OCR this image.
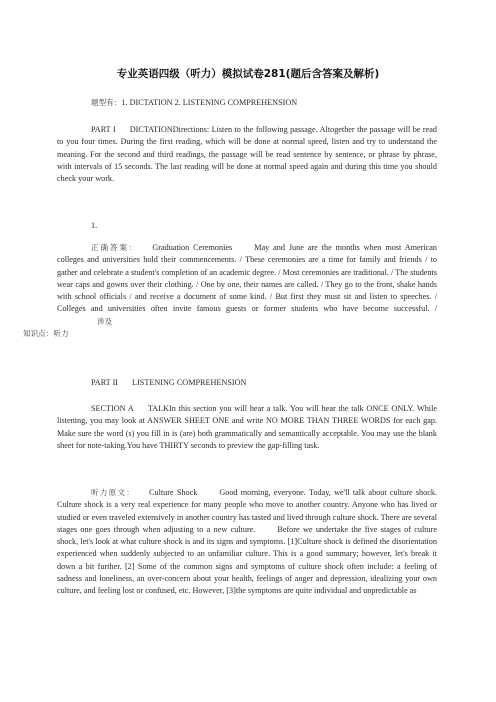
专业英语四级（听力）模拟试卷281(题后含答案及解析)

题型有：1. DICTATION 2. LISTENING COMPREHENSION

PART I DICTATIONDirections: Listen to the following passage. Altogether the passage will be read to you four times. During the first reading, which will be done at normal speed, listen and try to understand the meaning. For the second and third readings, the passage will be read sentence by sentence, or phrase by phrase, with intervals of 15 seconds. The last reading will be done at normal speed again and during this time you should check your work.

1.

正确答案： Graduation Ceremonies	May and June are the months when most American colleges and universities hold their commencements. / These ceremonies are a time for family and friends / to gather and celebrate a student's completion of an academic degree. / Most ceremonies are traditional. / The students wear caps and gowns over their clothing. / One by one, their names are called. / They go to the front, shake hands with school officials / and receive a document of some kind. / But first they must sit and listen to speeches. / Colleges and universities often invite famous guests or former students who have become successful. / 涉及
知识点：听力

PART II LISTENING COMPREHENSION

SECTION A TALKIn this section you will hear a talk. You will hear the talk ONCE ONLY. While listening, you may look at ANSWER SHEET ONE and write NO MORE THAN THREE WORDS for each gap. Make sure the word (s) you fill in is (are) both grammatically and semantically acceptable. You may use the blank sheet for note-taking.You have THIRTY seconds to preview the gap-filling task.

听力原文： Culture Shock	Good morning, everyone. Today, we'll talk about culture shock. Culture shock is a very real experience for many people who move to another country. Anyone who has lived or studied or even traveled extensively in another country has tasted and lived through culture shock. There are several stages one goes through when adjusting to a new culture.	Before we undertake the five stages of culture shock, let's look at what culture shock is and its signs and symptoms. [1]Culture shock is defined the disorientation experienced when suddenly subjected to an unfamiliar culture. This is a good summary; however, let's break it down a bit further. [2] Some of the common signs and symptoms of culture shock often include: a feeling of sadness and loneliness, an over-concern about your health, feelings of anger and depression, idealizing your own culture, and feeling lost or confused, etc. However, [3]the symptoms are quite individual and unpredictable as
